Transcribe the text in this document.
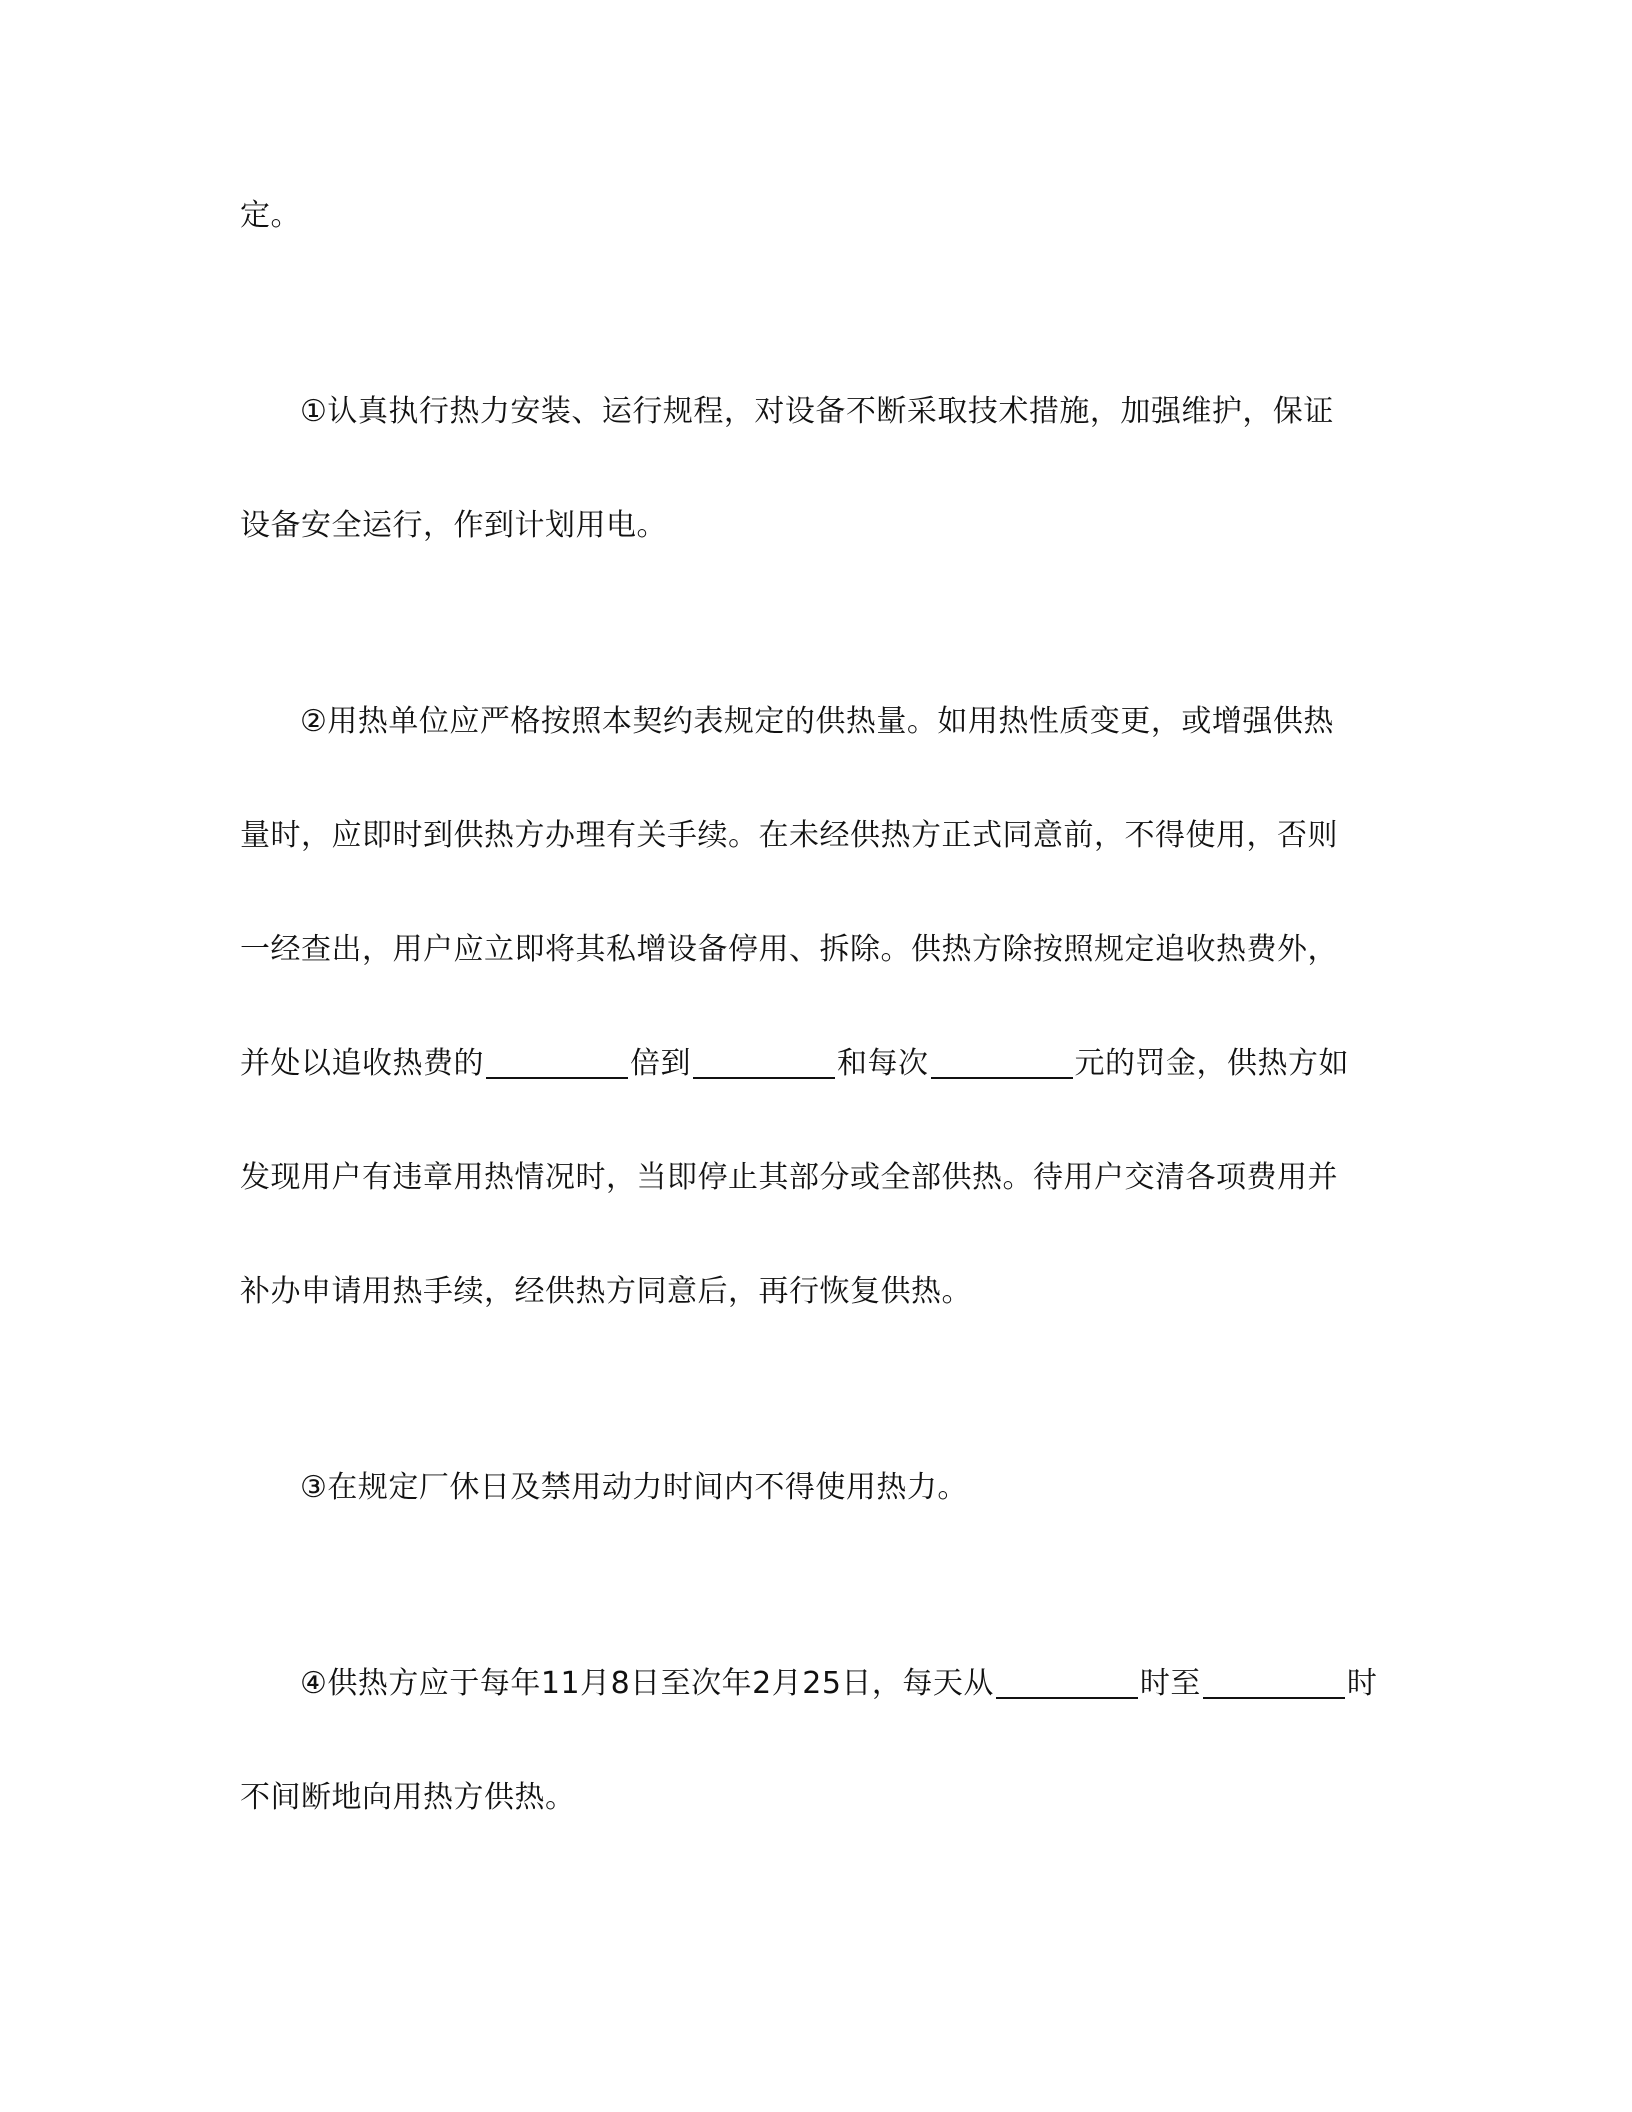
定。
①认真执行热力安装、运行规程，对设备不断采取技术措施，加强维护，保证
设备安全运行，作到计划用电。
②用热单位应严格按照本契约表规定的供热量。如用热性质变更，或增强供热
量时，应即时到供热方办理有关手续。在未经供热方正式同意前，不得使用，否则
一经查出，用户应立即将其私增设备停用、拆除。供热方除按照规定追收热费外，
并处以追收热费的	倍到	和每次	元的罚金，供热方如
发现用户有违章用热情况时，当即停止其部分或全部供热。待用户交清各项费用并
补办申请用热手续，经供热方同意后，再行恢复供热。
③在规定厂休日及禁用动力时间内不得使用热力。
④供热方应于每年11月8日至次年2月25日，每天从	时至	时
不间断地向用热方供热。
